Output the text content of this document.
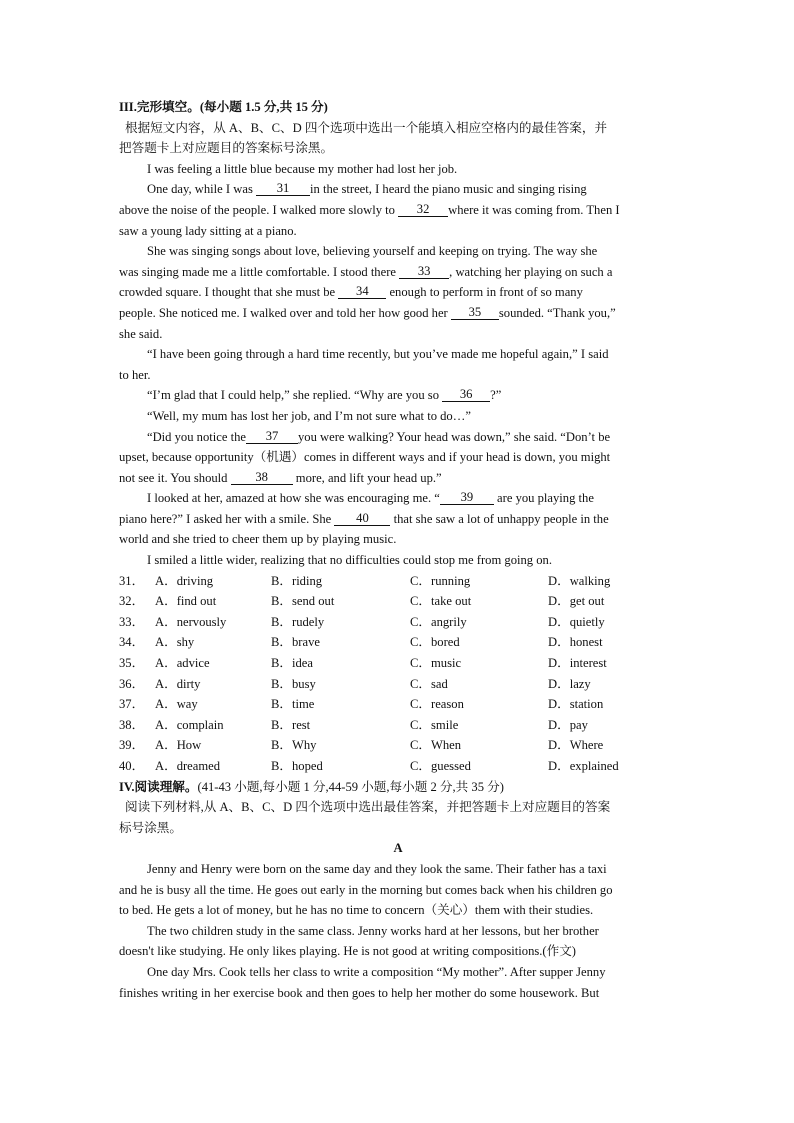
III.完形填空。(每小题 1.5 分,共 15 分)
根据短文内容，从 A、B、C、D 四个选项中选出一个能填入相应空格内的最佳答案，并
把答题卡上对应题目的答案标号涂黑。
I was feeling a little blue because my mother had lost her job.
One day, while I was 31 in the street, I heard the piano music and singing rising
above the noise of the people. I walked more slowly to 32 where it was coming from. Then I
saw a young lady sitting at a piano.
She was singing songs about love, believing yourself and keeping on trying. The way she
was singing made me a little comfortable. I stood there 33 , watching her playing on such a
crowded square. I thought that she must be 34 enough to perform in front of so many
people. She noticed me. I walked over and told her how good her 35 sounded. “Thank you,”
she said.
“I have been going through a hard time recently, but you’ve made me hopeful again,” I said
to her.
“I’m glad that I could help,” she replied. “Why are you so 36 ?”
“Well, my mum has lost her job, and I’m not sure what to do…”
“Did you notice the 37 you were walking? Your head was down,” she said. “Don’t be
upset, because opportunity（机遇）comes in different ways and if your head is down, you might
not see it. You should 38 more, and lift your head up.”
I looked at her, amazed at how she was encouraging me. “ 39 are you playing the
piano here?” I asked her with a smile. She 40 that she saw a lot of unhappy people in the
world and she tried to cheer them up by playing music.
I smiled a little wider, realizing that no difficulties could stop me from going on.
31． A．driving	B．riding	C．running	D．walking
32． A．find out	B．send out	C．take out	D．get out
33． A．nervously	B．rudely	C．angrily	D．quietly
34． A．shy	B．brave	C．bored	D．honest
35． A．advice	B．idea	C．music	D．interest
36． A．dirty	B．busy	C．sad	D．lazy
37． A．way	B．time	C．reason	D．station
38． A．complain	B．rest	C．smile	D．pay
39． A．How	B．Why	C．When	D．Where
40． A．dreamed	B．hoped	C．guessed	D．explained
IV.阅读理解。(41-43 小题,每小题 1 分,44-59 小题,每小题 2 分,共 35 分)
阅读下列材料,从 A、B、C、D 四个选项中选出最佳答案，并把答题卡上对应题目的答案
标号涂黑。
A
Jenny and Henry were born on the same day and they look the same. Their father has a taxi
and he is busy all the time. He goes out early in the morning but comes back when his children go
to bed. He gets a lot of money, but he has no time to concern（关心）them with their studies.
The two children study in the same class. Jenny works hard at her lessons, but her brother
doesn't like studying. He only likes playing. He is not good at writing compositions.(作文)
One day Mrs. Cook tells her class to write a composition “My mother”. After supper Jenny
finishes writing in her exercise book and then goes to help her mother do some housework. But
